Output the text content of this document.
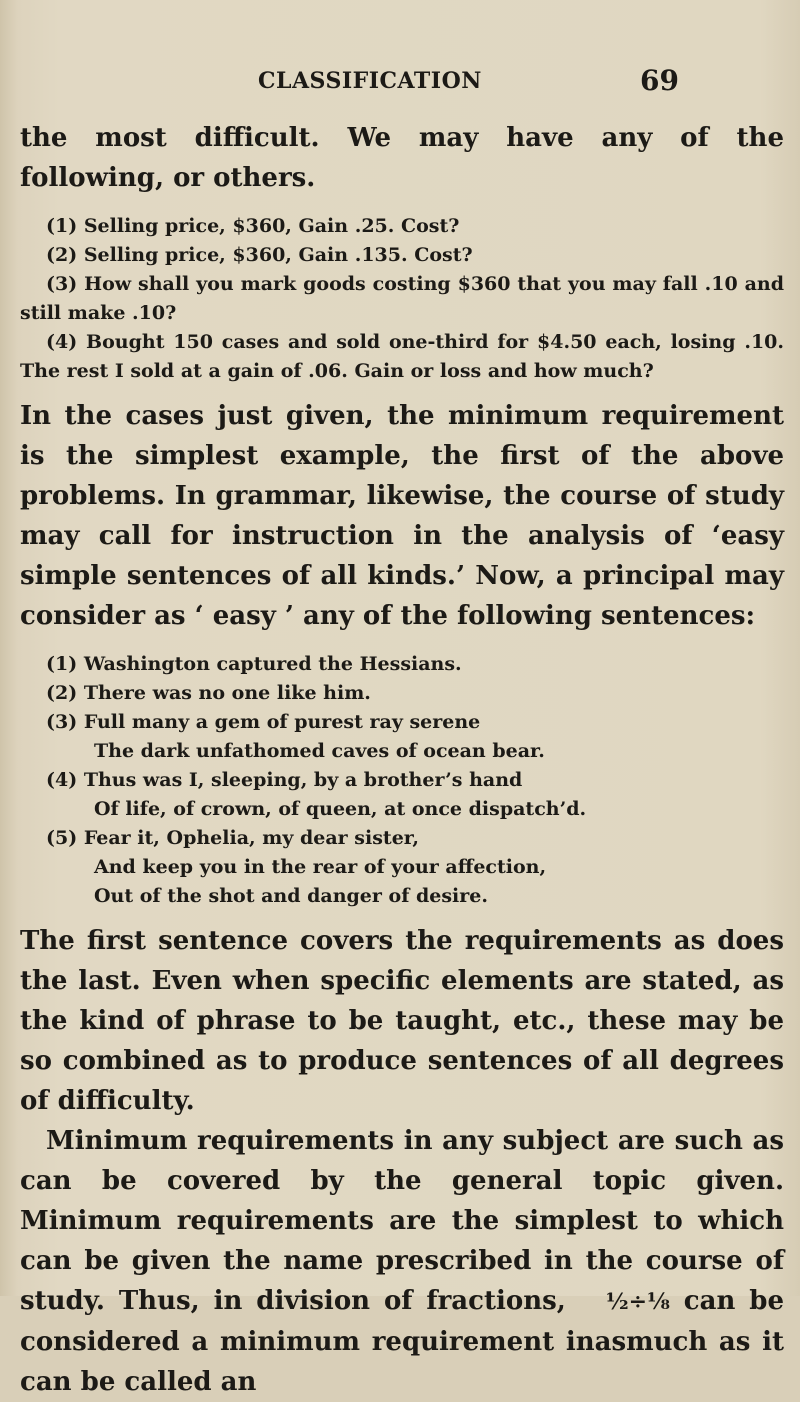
CLASSIFICATION	69

the most difficult. We may have any of the following, or others.

(1) Selling price, $360, Gain .25. Cost?
(2) Selling price, $360, Gain .135. Cost?
(3) How shall you mark goods costing $360 that you may fall .10 and still make .10?
(4) Bought 150 cases and sold one-third for $4.50 each, losing .10. The rest I sold at a gain of .06. Gain or loss and how much?

In the cases just given, the minimum requirement is the simplest example, the first of the above problems. In grammar, likewise, the course of study may call for instruction in the analysis of ‘easy simple sentences of all kinds.’ Now, a principal may consider as ‘ easy ’ any of the following sentences:

(1) Washington captured the Hessians.
(2) There was no one like him.
(3) Full many a gem of purest ray serene
The dark unfathomed caves of ocean bear.
(4) Thus was I, sleeping, by a brother’s hand
Of life, of crown, of queen, at once dispatch’d.
(5) Fear it, Ophelia, my dear sister,
And keep you in the rear of your affection,
Out of the shot and danger of desire.

The first sentence covers the requirements as does the last. Even when specific elements are stated, as the kind of phrase to be taught, etc., these may be so combined as to produce sentences of all degrees of difficulty.

Minimum requirements in any subject are such as can be covered by the general topic given. Minimum requirements are the simplest to which can be given the name prescribed in the course of study. Thus, in division of fractions, ½÷⅛ can be considered a minimum requirement inasmuch as it can be called an
